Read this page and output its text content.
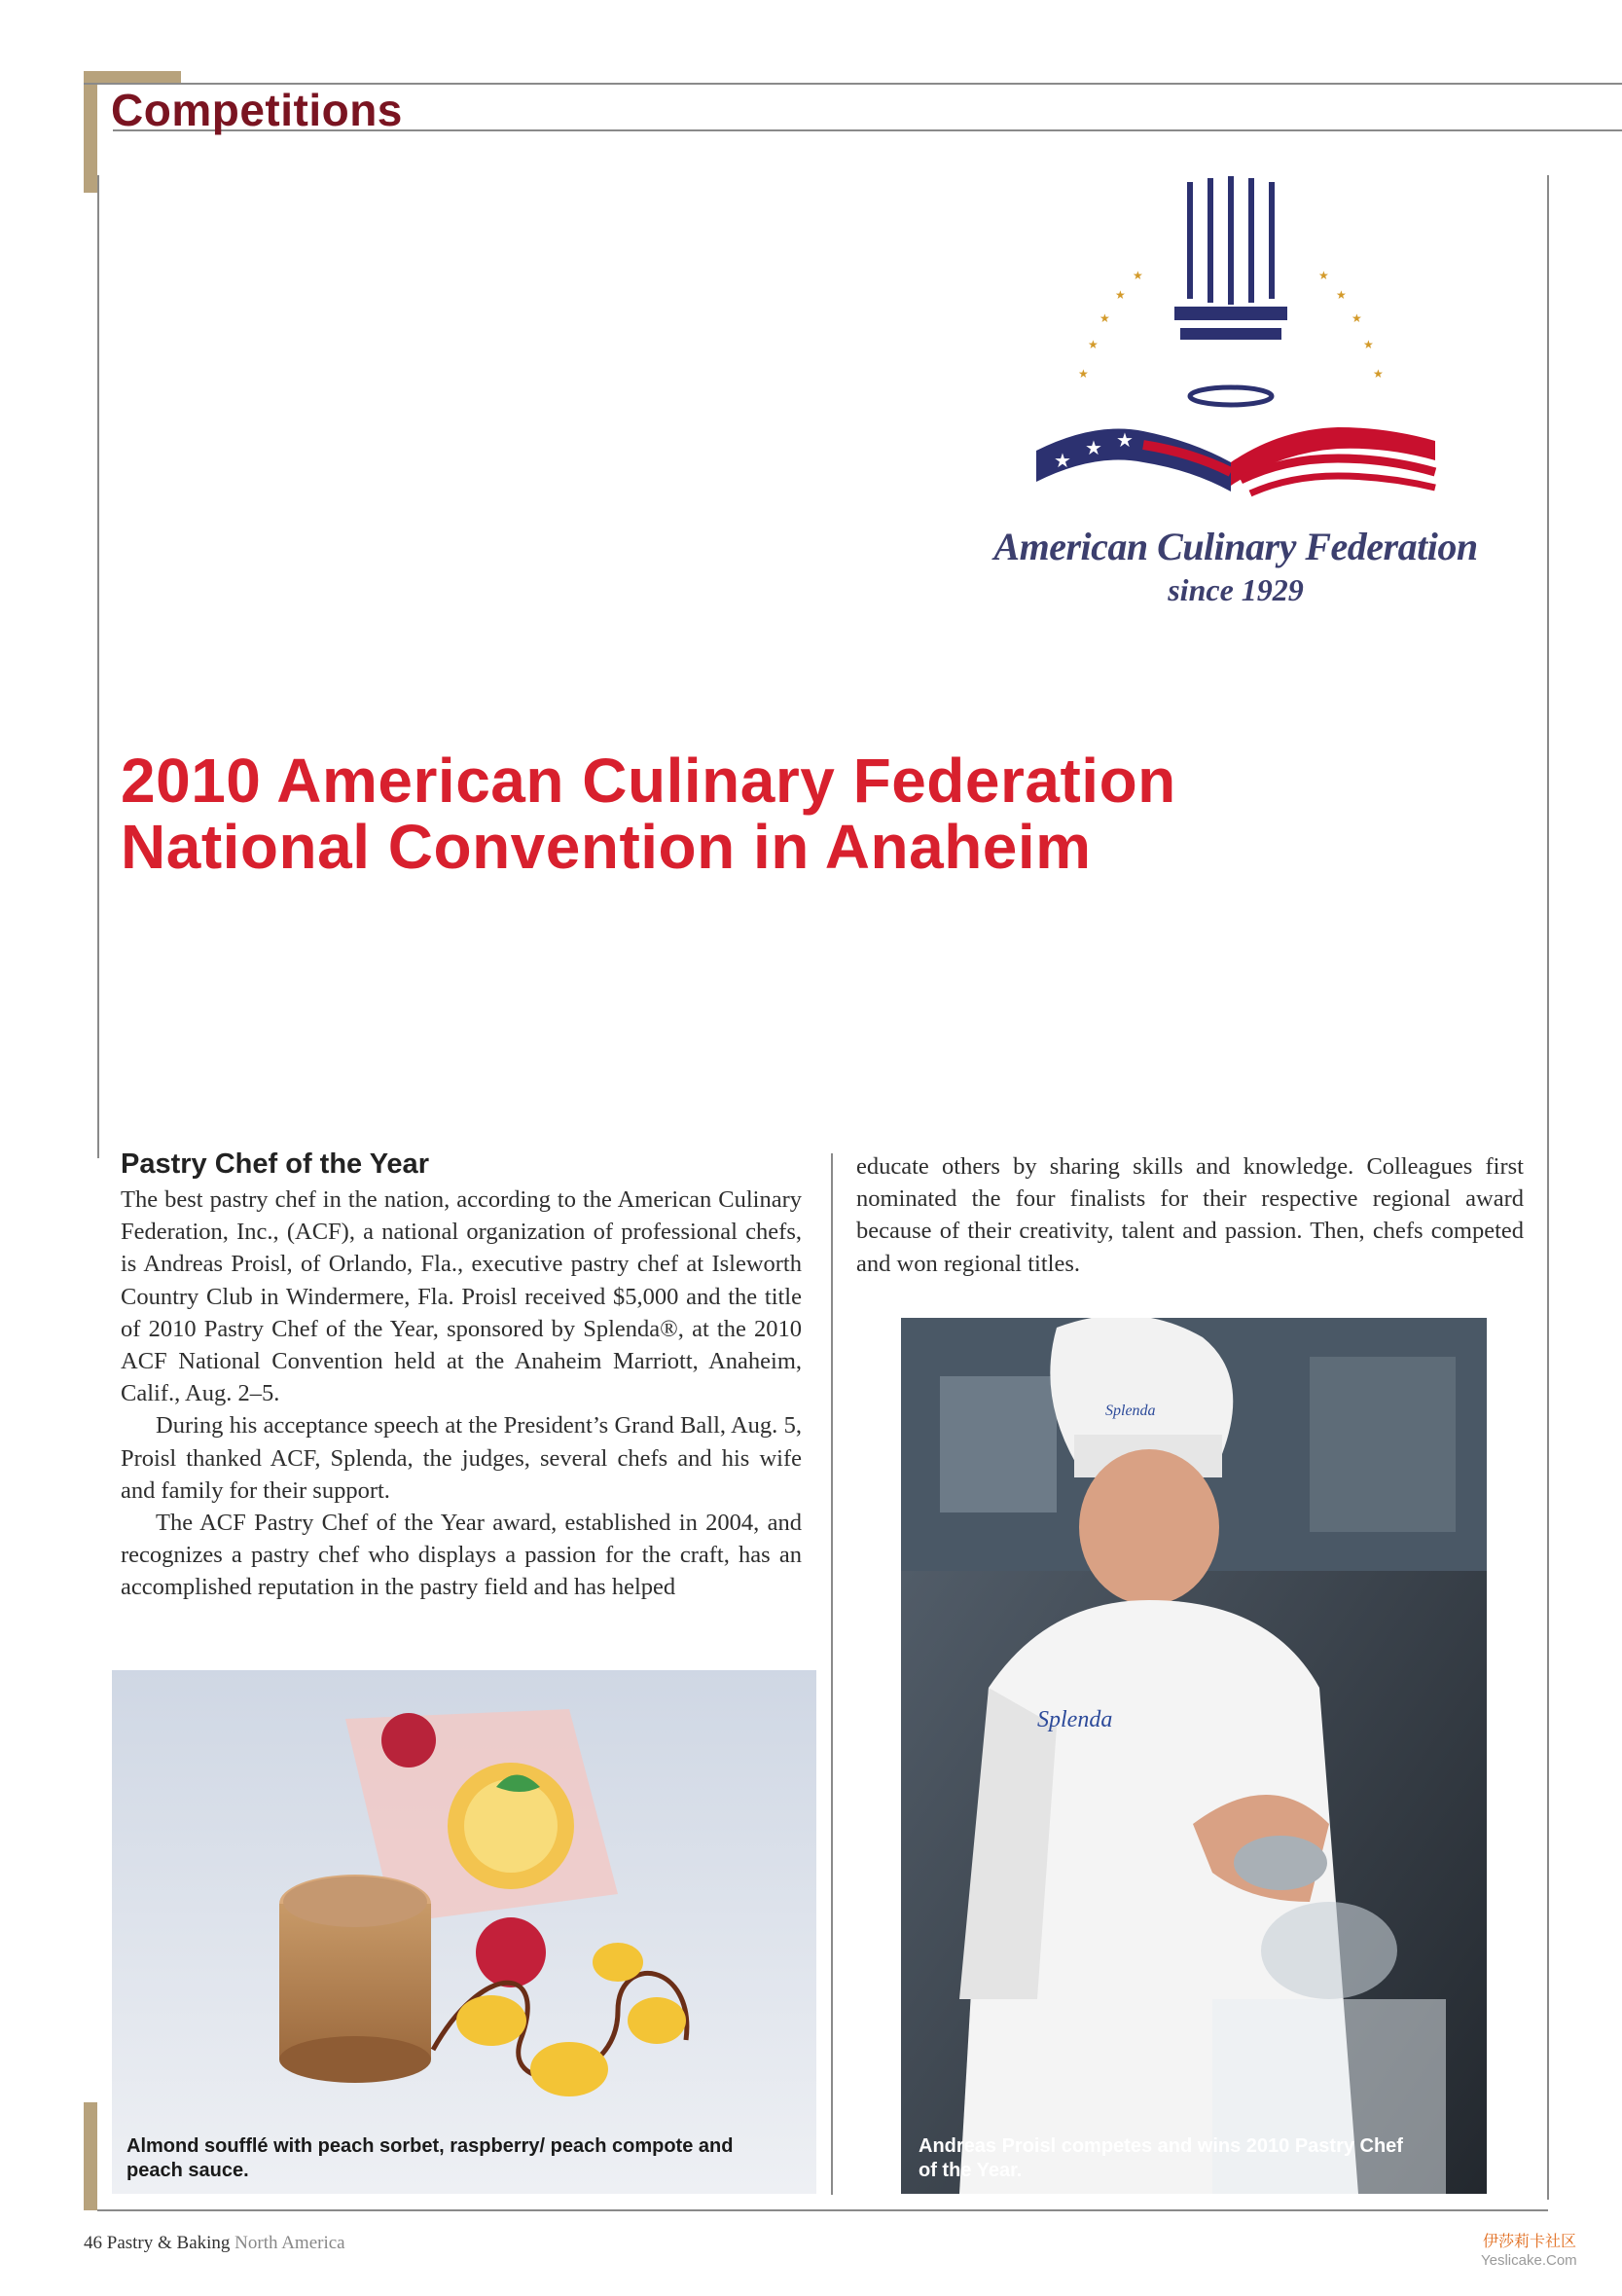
Competitions
★
★
★
★
★	★
★
★
★
★
★
★ ★
American Culinary Federation
since 1929
2010 American Culinary Federation
National Convention in Anaheim
Pastry Chef of the Year

The best pastry chef in the nation, according to the American Culinary Federation, Inc., (ACF), a national organization of professional chefs, is Andreas Proisl, of Orlando, Fla., executive pastry chef at Isleworth Country Club in Windermere, Fla. Proisl received $5,000 and the title of 2010 Pastry Chef of the Year, sponsored by Splenda®, at the 2010 ACF National Convention held at the Anaheim Marriott, Anaheim, Calif., Aug. 2–5.

During his acceptance speech at the President’s Grand Ball, Aug. 5, Proisl thanked ACF, Splenda, the judges, several chefs and his wife and family for their support.

The ACF Pastry Chef of the Year award, established in 2004, and recognizes a pastry chef who displays a passion for the craft, has an accomplished reputation in the pastry field and has helped

educate others by sharing skills and knowledge. Colleagues first nominated the four finalists for their respective regional award because of their creativity, talent and passion. Then, chefs competed and won regional titles.

Almond soufflé with peach sorbet, raspberry/ peach compote and peach sauce.
Splenda
Splenda
Andreas Proisl competes and wins 2010 Pastry Chef of the Year.
46 Pastry & Baking North America	伊莎莉卡社区
Yeslicake.Com
